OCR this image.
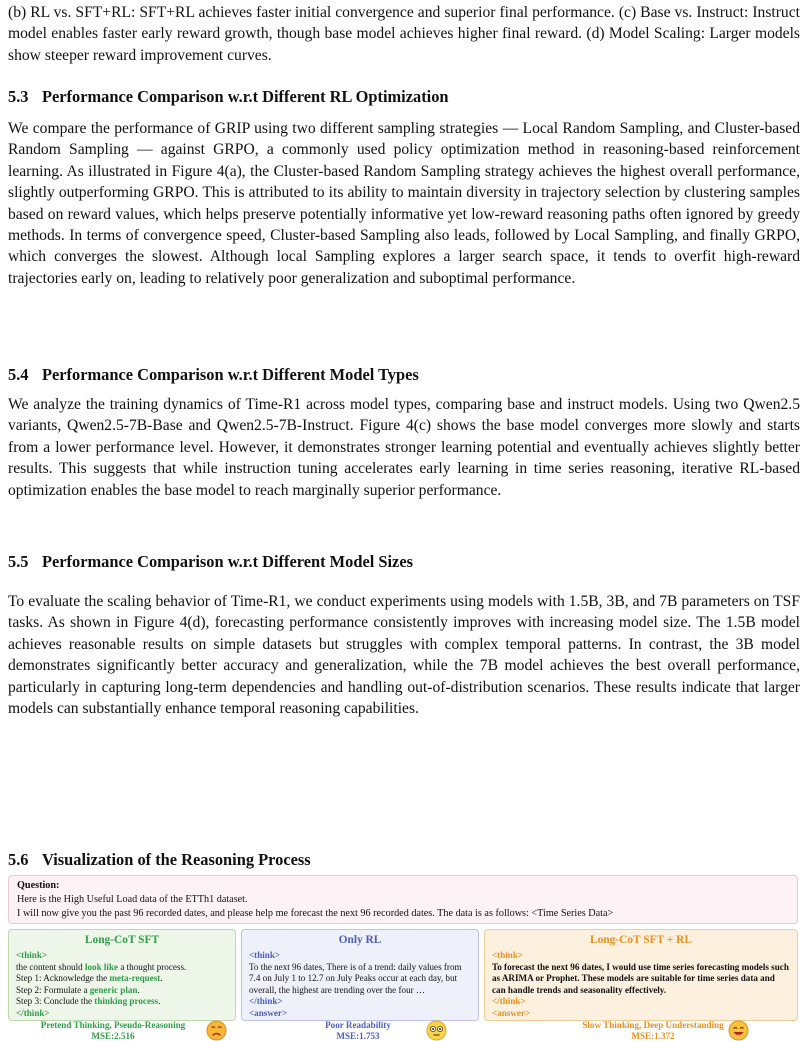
(b) RL vs. SFT+RL: SFT+RL achieves faster initial convergence and superior final performance. (c) Base vs. Instruct: Instruct model enables faster early reward growth, though base model achieves higher final reward. (d) Model Scaling: Larger models show steeper reward improvement curves.

5.3 Performance Comparison w.r.t Different RL Optimization

We compare the performance of GRIP using two different sampling strategies — Local Random Sampling, and Cluster-based Random Sampling — against GRPO, a commonly used policy optimization method in reasoning-based reinforcement learning. As illustrated in Figure 4(a), the Cluster-based Random Sampling strategy achieves the highest overall performance, slightly outperforming GRPO. This is attributed to its ability to maintain diversity in trajectory selection by clustering samples based on reward values, which helps preserve potentially informative yet low-reward reasoning paths often ignored by greedy methods. In terms of convergence speed, Cluster-based Sampling also leads, followed by Local Sampling, and finally GRPO, which converges the slowest. Although local Sampling explores a larger search space, it tends to overfit high-reward trajectories early on, leading to relatively poor generalization and suboptimal performance.

5.4 Performance Comparison w.r.t Different Model Types

We analyze the training dynamics of Time-R1 across model types, comparing base and instruct models. Using two Qwen2.5 variants, Qwen2.5-7B-Base and Qwen2.5-7B-Instruct. Figure 4(c) shows the base model converges more slowly and starts from a lower performance level. However, it demonstrates stronger learning potential and eventually achieves slightly better results. This suggests that while instruction tuning accelerates early learning in time series reasoning, iterative RL-based optimization enables the base model to reach marginally superior performance.

5.5 Performance Comparison w.r.t Different Model Sizes

To evaluate the scaling behavior of Time-R1, we conduct experiments using models with 1.5B, 3B, and 7B parameters on TSF tasks. As shown in Figure 4(d), forecasting performance consistently improves with increasing model size. The 1.5B model achieves reasonable results on simple datasets but struggles with complex temporal patterns. In contrast, the 3B model demonstrates significantly better accuracy and generalization, while the 7B model achieves the best overall performance, particularly in capturing long-term dependencies and handling out-of-distribution scenarios. These results indicate that larger models can substantially enhance temporal reasoning capabilities.

5.6 Visualization of the Reasoning Process
Question:
Here is the High Useful Load data of the ETTh1 dataset.
I will now give you the past 96 recorded dates, and please help me forecast the next 96 recorded dates. The data is as follows: <Time Series Data>
Long-CoT SFT
<think>
the content should look like a thought process.
Step 1: Acknowledge the meta-request.
Step 2: Formulate a generic plan.
Step 3: Conclude the thinking process.
</think>
Only RL
<think>
To the next 96 dates, There is of a trend: daily values from 7.4 on July 1 to 12.7 on July Peaks occur at each day, but overall, the highest are trending over the four …
</think>
<answer>
Long-CoT SFT + RL
<think>
To forecast the next 96 dates, I would use time series forecasting models such as ARIMA or Prophet. These models are suitable for time series data and can handle trends and seasonality effectively.
</think>
<answer>
Pretend Thinking, Pseudo-Reasoning
MSE:2.516
Poor Readability
MSE:1.753
Slow Thinking, Deep Understanding
MSE:1.372
